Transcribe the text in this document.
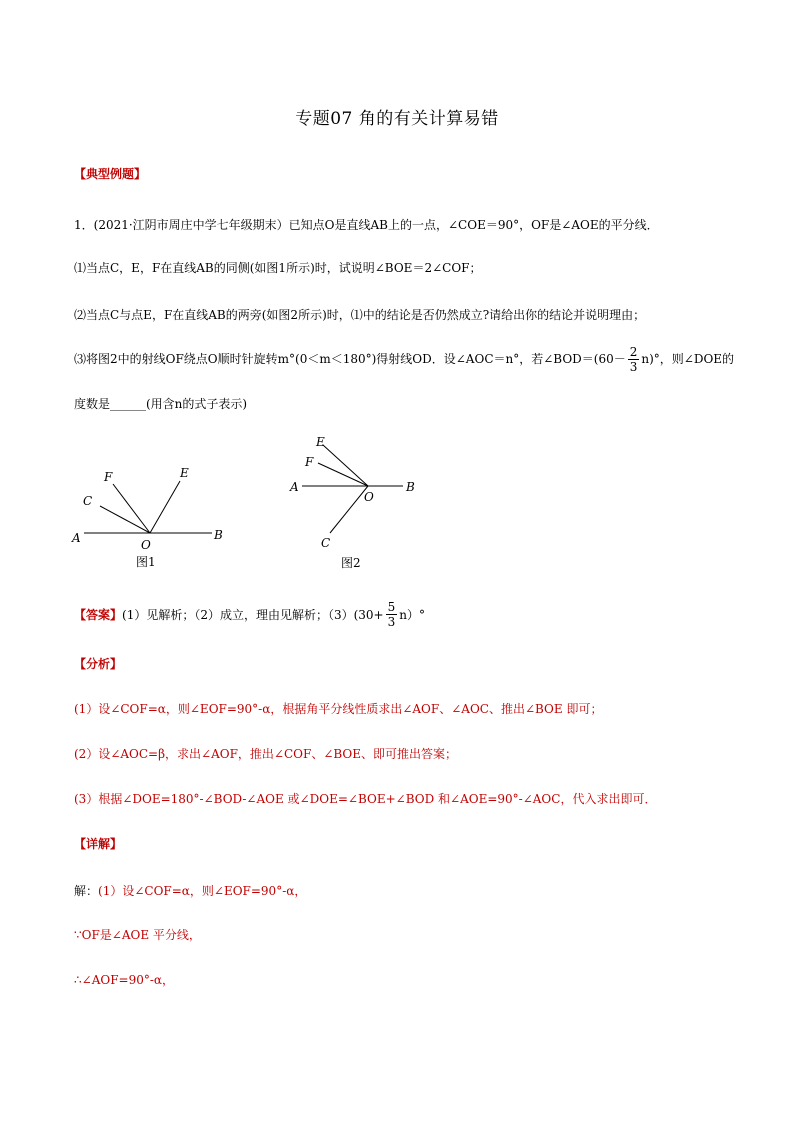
专题07 角的有关计算易错
【典型例题】
1．(2021·江阴市周庄中学七年级期末）已知点O是直线AB上的一点，∠COE＝90°，OF是∠AOE的平分线．
⑴当点C，E，F在直线AB的同侧(如图1所示)时，试说明∠BOE＝2∠COF；
⑵当点C与点E，F在直线AB的两旁(如图2所示)时，⑴中的结论是否仍然成立?请给出你的结论并说明理由；
⑶将图2中的射线OF绕点O顺时针旋转m°(0＜m＜180°)得射线OD．设∠AOC＝n°，若∠BOD＝(60－ $\frac{2}{3} n)^\circ$，则∠DOE的
度数是______(用含n的式子表示)
A	B
O
C
F	E
图1
A	B
O
E
F
C
图2
【答案】(1）见解析；（2）成立，理由见解析；$(3)(30+ \frac{5}{3} n)^\circ$
【分析】
(1）设∠COF=α，则∠EOF=90°-α，根据角平分线性质求出∠AOF、∠AOC、推出∠BOE 即可；
(2）设∠AOC=β，求出∠AOF，推出∠COF、∠BOE、即可推出答案；
(3）根据∠DOE=180°-∠BOD-∠AOE 或∠DOE=∠BOE+∠BOD 和∠AOE=90°-∠AOC，代入求出即可．
【详解】
解：(1）设∠COF=α，则∠EOF=90°-α，
∵OF是∠AOE 平分线，
∴∠AOF=90°-α，
